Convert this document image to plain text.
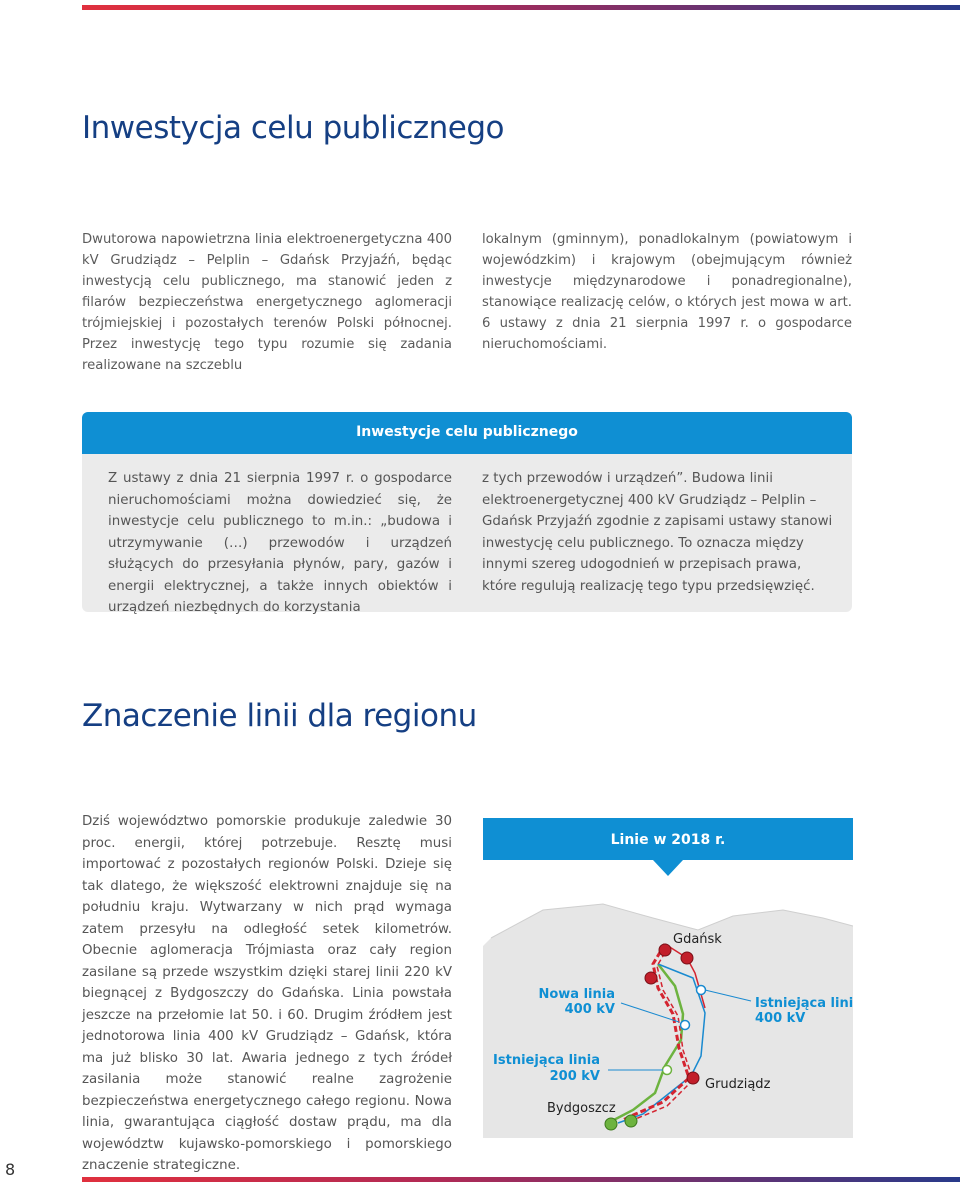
Inwestycja celu publicznego
Dwutorowa napowietrzna linia elektroenergetyczna 400 kV Grudziądz – Pelplin – Gdańsk Przyjaźń, będąc inwestycją celu publicznego, ma stanowić jeden z filarów bezpieczeństwa energetycznego aglomeracji trójmiejskiej i pozostałych terenów Polski północnej. Przez inwestycję tego typu rozumie się zadania realizowane na szczeblu
lokalnym (gminnym), ponadlokalnym (powiatowym i wojewódzkim) i krajowym (obejmującym również inwestycje międzynarodowe i ponadregionalne), stanowiące realizację celów, o których jest mowa w art. 6 ustawy z dnia 21 sierpnia 1997 r. o gospodarce nieruchomościami.
Inwestycje celu publicznego
Z ustawy z dnia 21 sierpnia 1997 r. o gospodarce nieruchomościami można dowiedzieć się, że inwestycje celu publicznego to m.in.: „budowa i utrzymywanie (…) przewodów i urządzeń służących do przesyłania płynów, pary, gazów i energii elektrycznej, a także innych obiektów i urządzeń niezbędnych do korzystania
z tych przewodów i urządzeń”. Budowa linii elektroenergetycznej 400 kV Grudziądz – Pelplin – Gdańsk Przyjaźń zgodnie z zapisami ustawy stanowi inwestycję celu publicznego. To oznacza między innymi szereg udogodnień w przepisach prawa, które regulują realizację tego typu przedsięwzięć.
Znaczenie linii dla regionu
Dziś województwo pomorskie produkuje zaledwie 30 proc. energii, której potrzebuje. Resztę musi importować z pozostałych regionów Polski. Dzieje się tak dlatego, że większość elektrowni znajduje się na południu kraju. Wytwarzany w nich prąd wymaga zatem przesyłu na odległość setek kilometrów. Obecnie aglomeracja Trójmiasta oraz cały region zasilane są przede wszystkim dzięki starej linii 220 kV biegnącej z Bydgoszczy do Gdańska. Linia powstała jeszcze na przełomie lat 50. i 60. Drugim źródłem jest jednotorowa linia 400 kV Grudziądz – Gdańsk, która ma już blisko 30 lat. Awaria jednego z tych źródeł zasilania może stanowić realne zagrożenie bezpieczeństwa energetycznego całego regionu. Nowa linia, gwarantująca ciągłość dostaw prądu, ma dla województw kujawsko-pomorskiego i pomorskiego znaczenie strategiczne.
Linie w 2018 r.
Gdańsk
Grudziądz
Bydgoszcz
Nowa linia
400 kV	Istniejąca linia
400 kV
Istniejąca linia
200 kV
8
